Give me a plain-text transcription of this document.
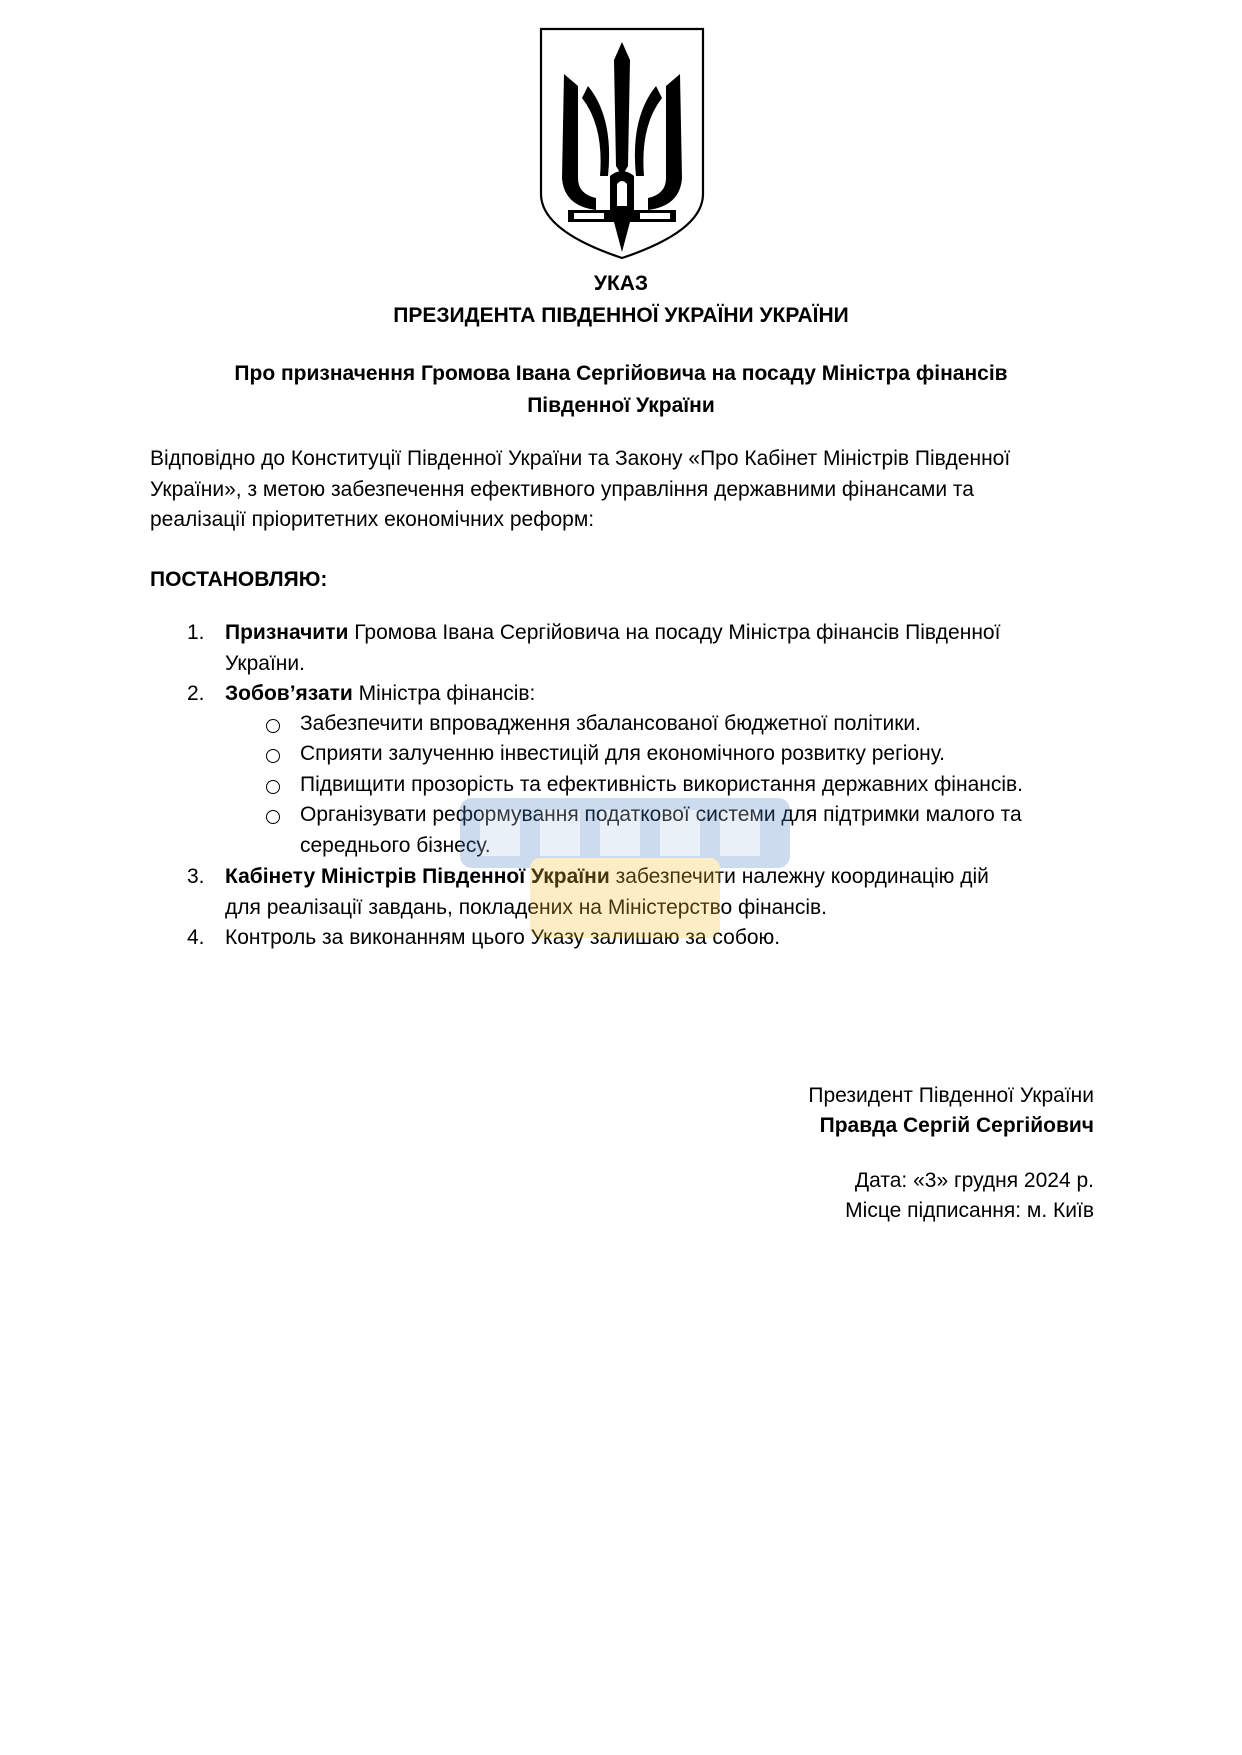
УКАЗ
ПРЕЗИДЕНТА ПІВДЕННОЇ УКРАЇНИ УКРАЇНИ
Про призначення Громова Івана Сергійовича на посаду Міністра фінансів
Південної України
Відповідно до Конституції Південної України та Закону «Про Кабінет Міністрів Південної
України», з метою забезпечення ефективного управління державними фінансами та
реалізації пріоритетних економічних реформ:
ПОСТАНОВЛЯЮ:
1. Призначити Громова Івана Сергійовича на посаду Міністра фінансів Південної
України.
2. Зобов’язати Міністра фінансів:
Забезпечити впровадження збалансованої бюджетної політики.
Сприяти залученню інвестицій для економічного розвитку регіону.
Підвищити прозорість та ефективність використання державних фінансів.
Організувати реформування податкової системи для підтримки малого та
середнього бізнесу.
3. Кабінету Міністрів Південної України забезпечити належну координацію дій
для реалізації завдань, покладених на Міністерство фінансів.
4. Контроль за виконанням цього Указу залишаю за собою.
Президент Південної України
Правда Сергій Сергійович
Дата: «3» грудня 2024 р.
Місце підписання: м. Київ
